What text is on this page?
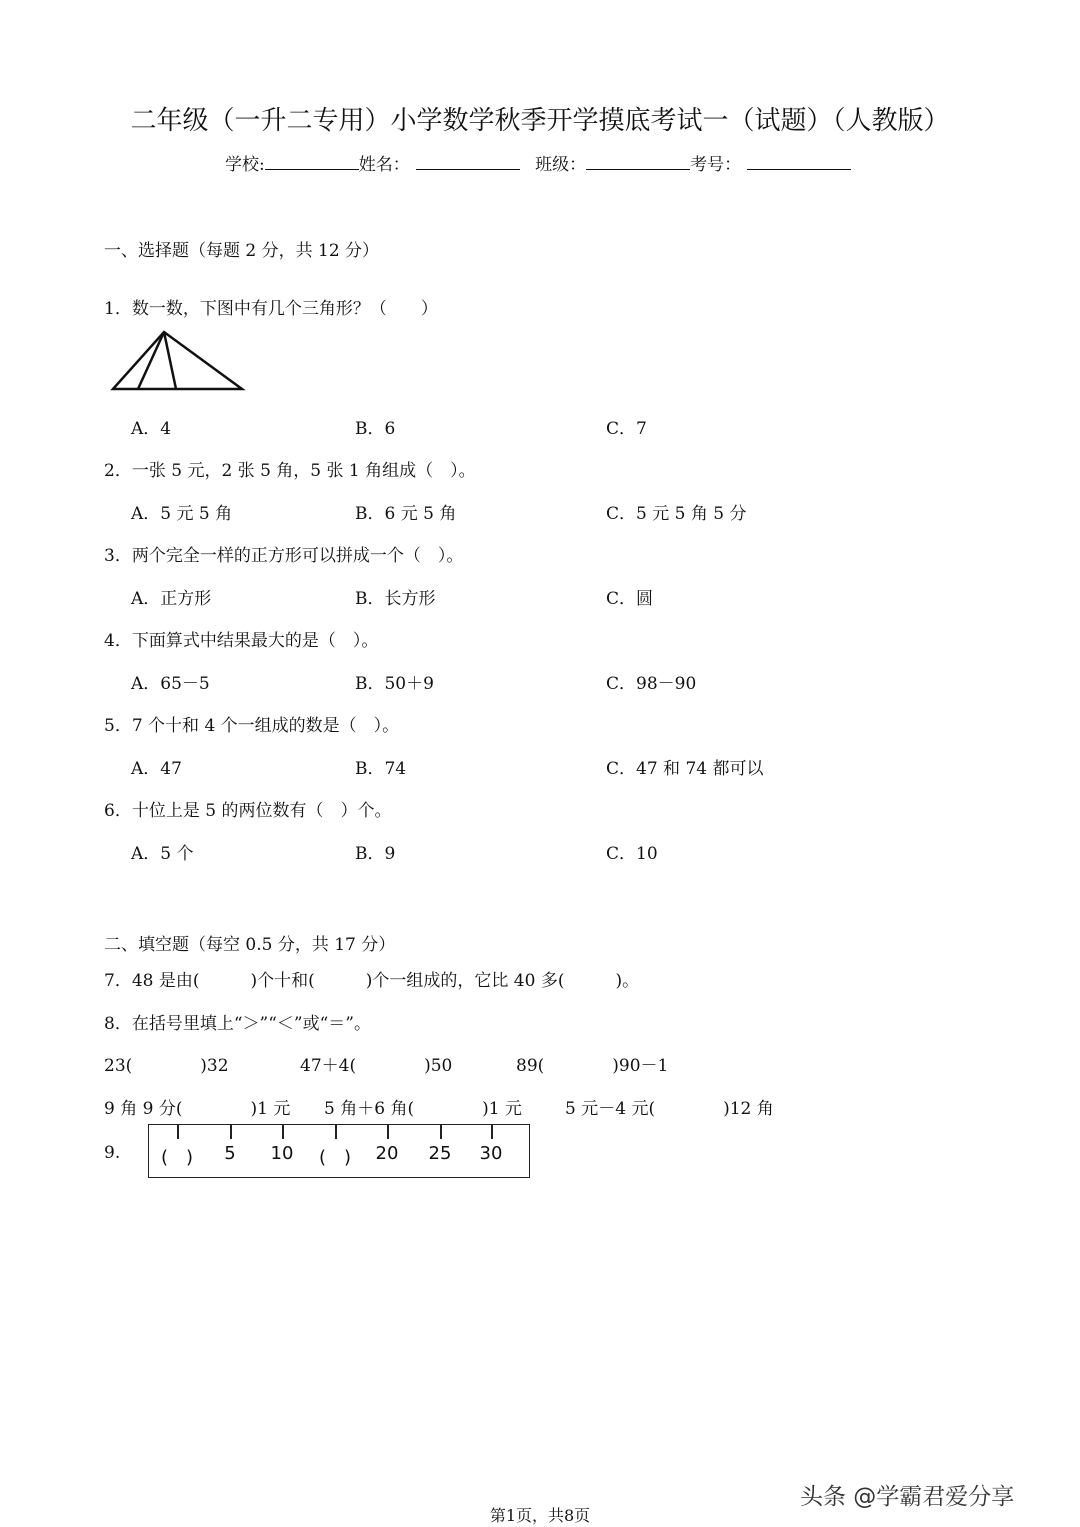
二年级（一升二专用）小学数学秋季开学摸底考试一（试题）（人教版）
学校:	姓名：	班级：	考号：
一、选择题（每题 2 分，共 12 分）
1．数一数，下图中有几个三角形？（　　）
A．4	B．6	C．7
2．一张 5 元，2 张 5 角，5 张 1 角组成（　）。
A．5 元 5 角	B．6 元 5 角	C．5 元 5 角 5 分
3．两个完全一样的正方形可以拼成一个（　）。
A．正方形	B．长方形	C．圆
4．下面算式中结果最大的是（　）。
A．65－5	B．50＋9	C．98－90
5．7 个十和 4 个一组成的数是（　）。
A．47	B．74	C．47 和 74 都可以
6．十位上是 5 的两位数有（　）个。
A．5 个	B．9	C．10
二、填空题（每空 0.5 分，共 17 分）
7．48 是由(　　　)个十和(　　　)个一组成的，它比 40 多(　　　)。
8．在括号里填上“＞”“＜”或“＝”。
23(　　　　)32	47＋4(　　　　)50	89(　　　　)90－1
9 角 9 分(　　　　)1 元 5 角＋6 角(　　　　)1 元	5 元－4 元(　　　　)12 角
9. (　) 5 10 (　) 20 25 30
头条 @学霸君爱分享
第1页，共8页
